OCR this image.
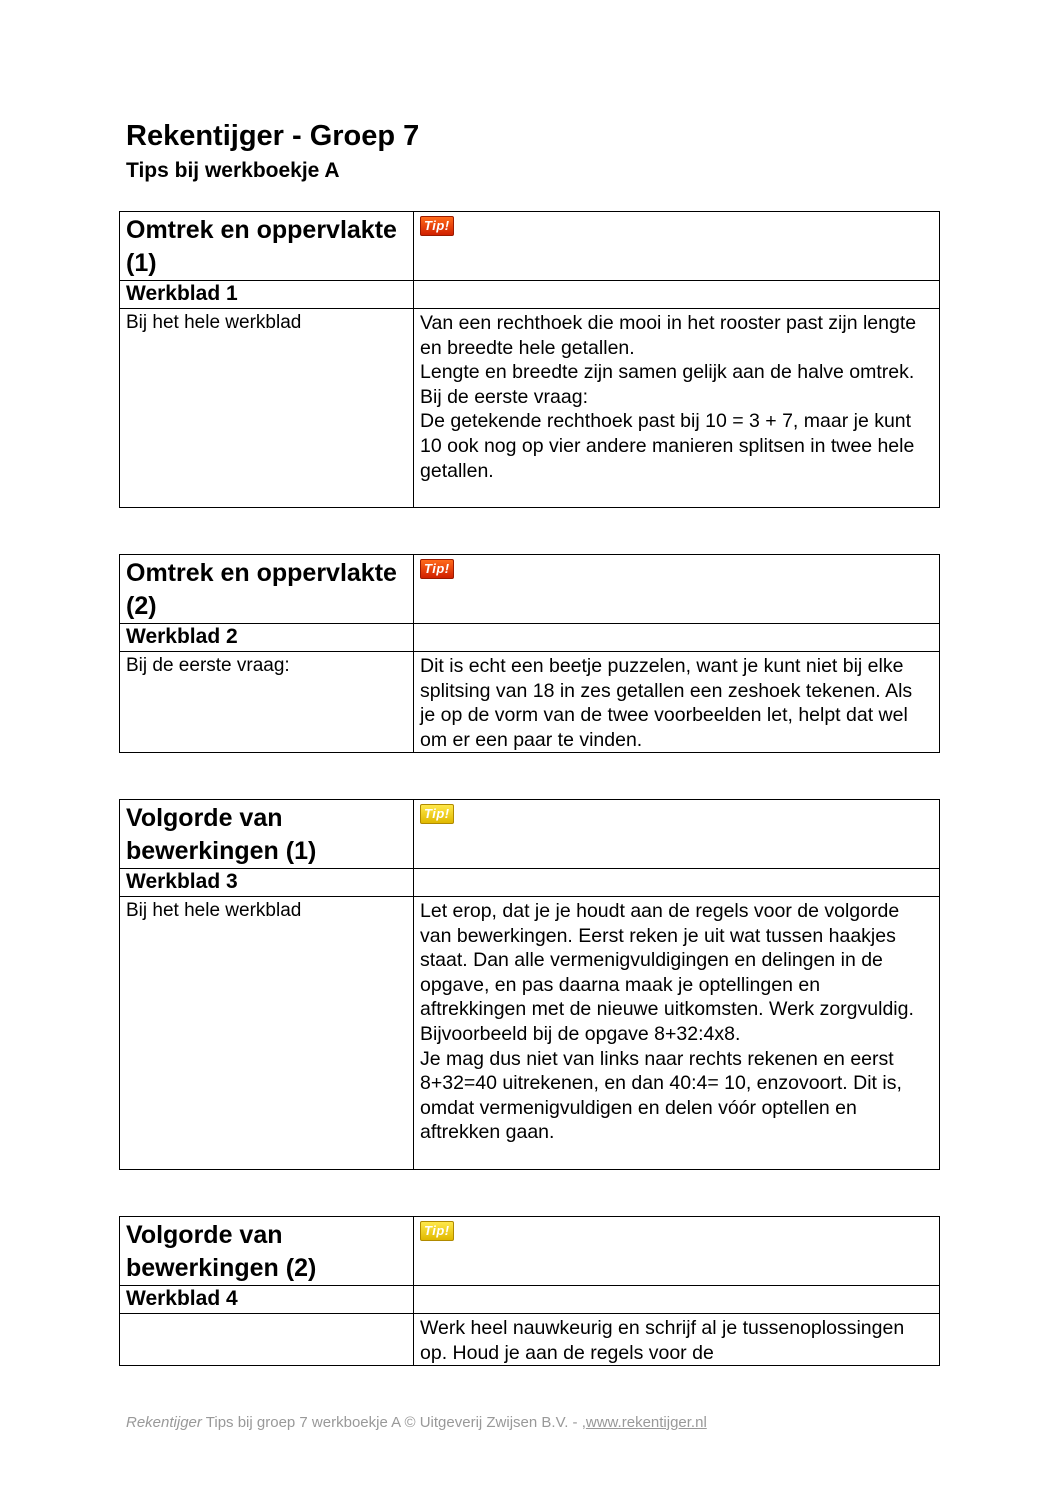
Rekentijger - Groep 7
Tips bij werkboekje A
Omtrek en oppervlakte (1)	Tip!
Werkblad 1	
Bij het hele werkblad	Van een rechthoek die mooi in het rooster past zijn lengte en breedte hele getallen.
Lengte en breedte zijn samen gelijk aan de halve omtrek.
Bij de eerste vraag:
De getekende rechthoek past bij 10 = 3 + 7, maar je kunt 10 ook nog op vier andere manieren splitsen in twee hele getallen.
Omtrek en oppervlakte (2)	Tip!
Werkblad 2	
Bij de eerste vraag:	Dit is echt een beetje puzzelen, want je kunt niet bij elke splitsing van 18 in zes getallen een zeshoek tekenen. Als je op de vorm van de twee voorbeelden let, helpt dat wel om er een paar te vinden.
Volgorde van bewerkingen (1)	Tip!
Werkblad 3	
Bij het hele werkblad	Let erop, dat je je houdt aan de regels voor de volgorde van bewerkingen. Eerst reken je uit wat tussen haakjes staat. Dan alle vermenigvuldigingen en delingen in de opgave, en pas daarna maak je optellingen en aftrekkingen met de nieuwe uitkomsten. Werk zorgvuldig.
Bijvoorbeeld bij de opgave 8+32:4x8.
Je mag dus niet van links naar rechts rekenen en eerst 8+32=40 uitrekenen, en dan 40:4= 10, enzovoort. Dit is, omdat vermenigvuldigen en delen vóór optellen en aftrekken gaan.
Volgorde van bewerkingen (2)	Tip!
Werkblad 4	
	Werk heel nauwkeurig en schrijf al je tussenoplossingen op. Houd je aan de regels voor de
Rekentijger Tips bij groep 7 werkboekje A © Uitgeverij Zwijsen B.V. - ,www.rekentijger.nl
